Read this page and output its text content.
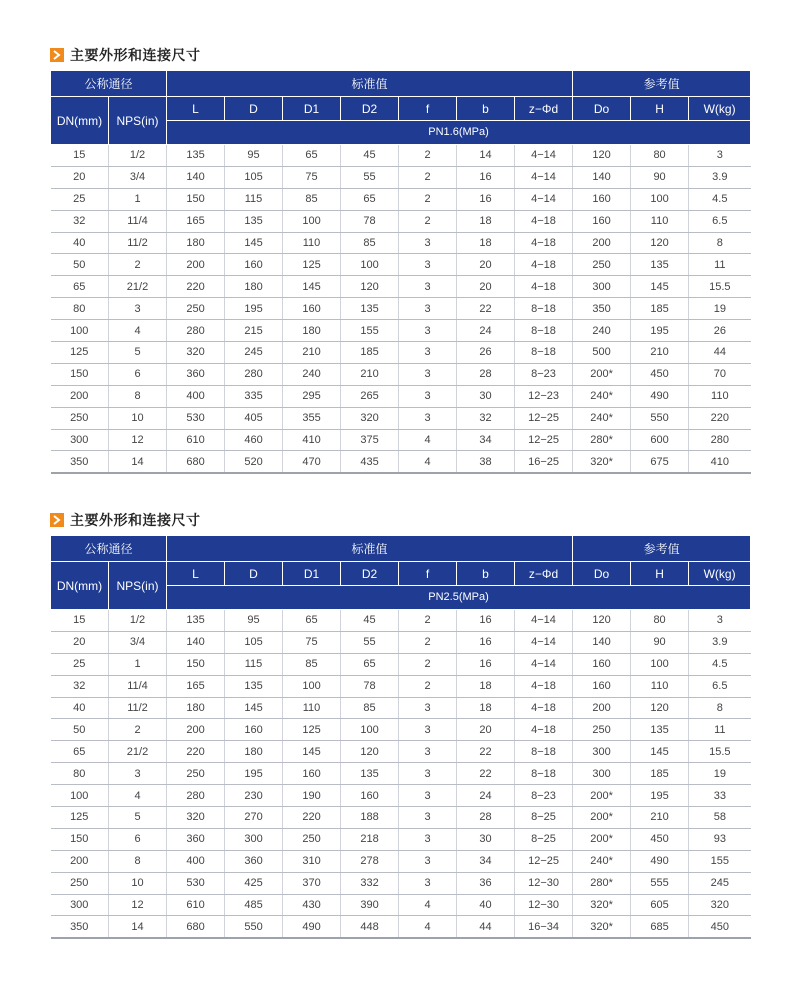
主要外形和连接尺寸
公称通径		标准值							参考值		
DN(mm)	NPS(in)	L	D	D1	D2	f	b	z−Φd	Do	H	W(kg)
		PN1.6(MPa)									
15	1/2	135	95	65	45	2	14	4−14	120	80	3
20	3/4	140	105	75	55	2	16	4−14	140	90	3.9
25	1	150	115	85	65	2	16	4−14	160	100	4.5
32	11/4	165	135	100	78	2	18	4−18	160	110	6.5
40	11/2	180	145	110	85	3	18	4−18	200	120	8
50	2	200	160	125	100	3	20	4−18	250	135	11
65	21/2	220	180	145	120	3	20	4−18	300	145	15.5
80	3	250	195	160	135	3	22	8−18	350	185	19
100	4	280	215	180	155	3	24	8−18	240	195	26
125	5	320	245	210	185	3	26	8−18	500	210	44
150	6	360	280	240	210	3	28	8−23	200*	450	70
200	8	400	335	295	265	3	30	12−23	240*	490	110
250	10	530	405	355	320	3	32	12−25	240*	550	220
300	12	610	460	410	375	4	34	12−25	280*	600	280
350	14	680	520	470	435	4	38	16−25	320*	675	410
主要外形和连接尺寸
公称通径		标准值							参考值		
DN(mm)	NPS(in)	L	D	D1	D2	f	b	z−Φd	Do	H	W(kg)
		PN2.5(MPa)									
15	1/2	135	95	65	45	2	16	4−14	120	80	3
20	3/4	140	105	75	55	2	16	4−14	140	90	3.9
25	1	150	115	85	65	2	16	4−14	160	100	4.5
32	11/4	165	135	100	78	2	18	4−18	160	110	6.5
40	11/2	180	145	110	85	3	18	4−18	200	120	8
50	2	200	160	125	100	3	20	4−18	250	135	11
65	21/2	220	180	145	120	3	22	8−18	300	145	15.5
80	3	250	195	160	135	3	22	8−18	300	185	19
100	4	280	230	190	160	3	24	8−23	200*	195	33
125	5	320	270	220	188	3	28	8−25	200*	210	58
150	6	360	300	250	218	3	30	8−25	200*	450	93
200	8	400	360	310	278	3	34	12−25	240*	490	155
250	10	530	425	370	332	3	36	12−30	280*	555	245
300	12	610	485	430	390	4	40	12−30	320*	605	320
350	14	680	550	490	448	4	44	16−34	320*	685	450
